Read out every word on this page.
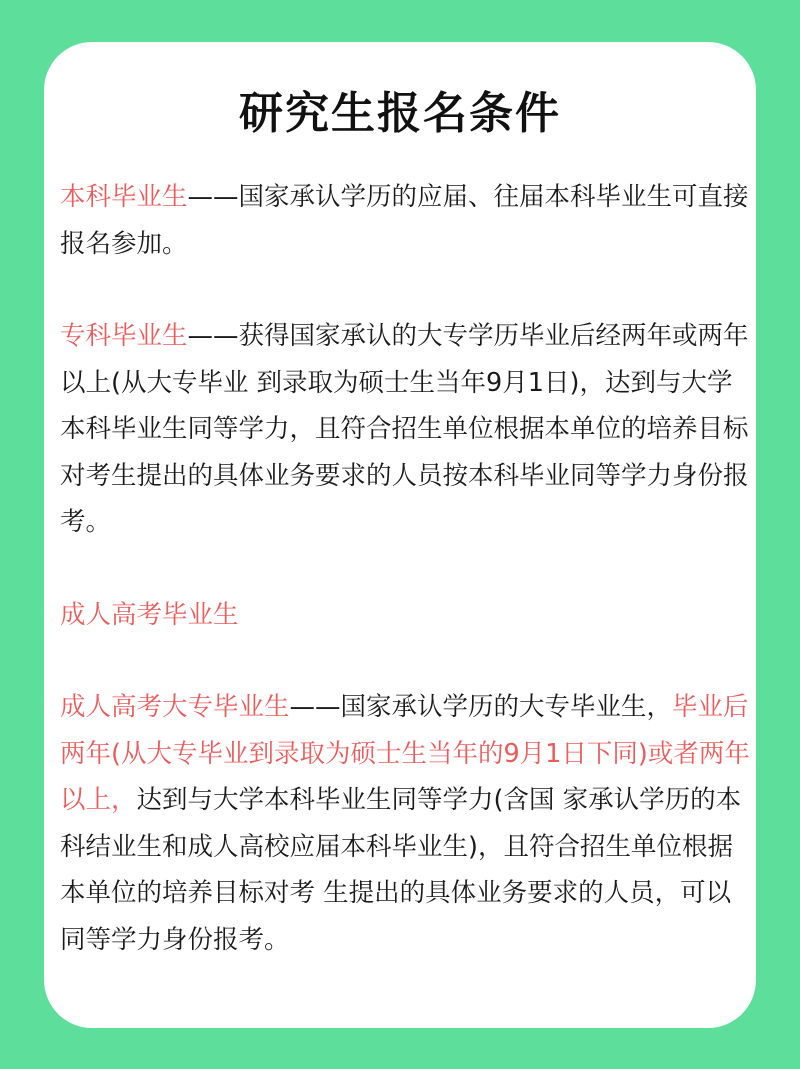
研究生报名条件

本科毕业生——国家承认学历的应届、往届本科毕业生可直接报名参加。

专科毕业生——获得国家承认的大专学历毕业后经两年或两年以上(从大专毕业 到录取为硕士生当年9月1日)，达到与大学本科毕业生同等学力，且符合招生单位根据本单位的培养目标对考生提出的具体业务要求的人员按本科毕业同等学力身份报考。

成人高考毕业生

成人高考大专毕业生——国家承认学历的大专毕业生，毕业后两年(从大专毕业到录取为硕士生当年的9月1日下同)或者两年以上，达到与大学本科毕业生同等学力(含国 家承认学历的本科结业生和成人高校应届本科毕业生)，且符合招生单位根据本单位的培养目标对考 生提出的具体业务要求的人员，可以同等学力身份报考。
